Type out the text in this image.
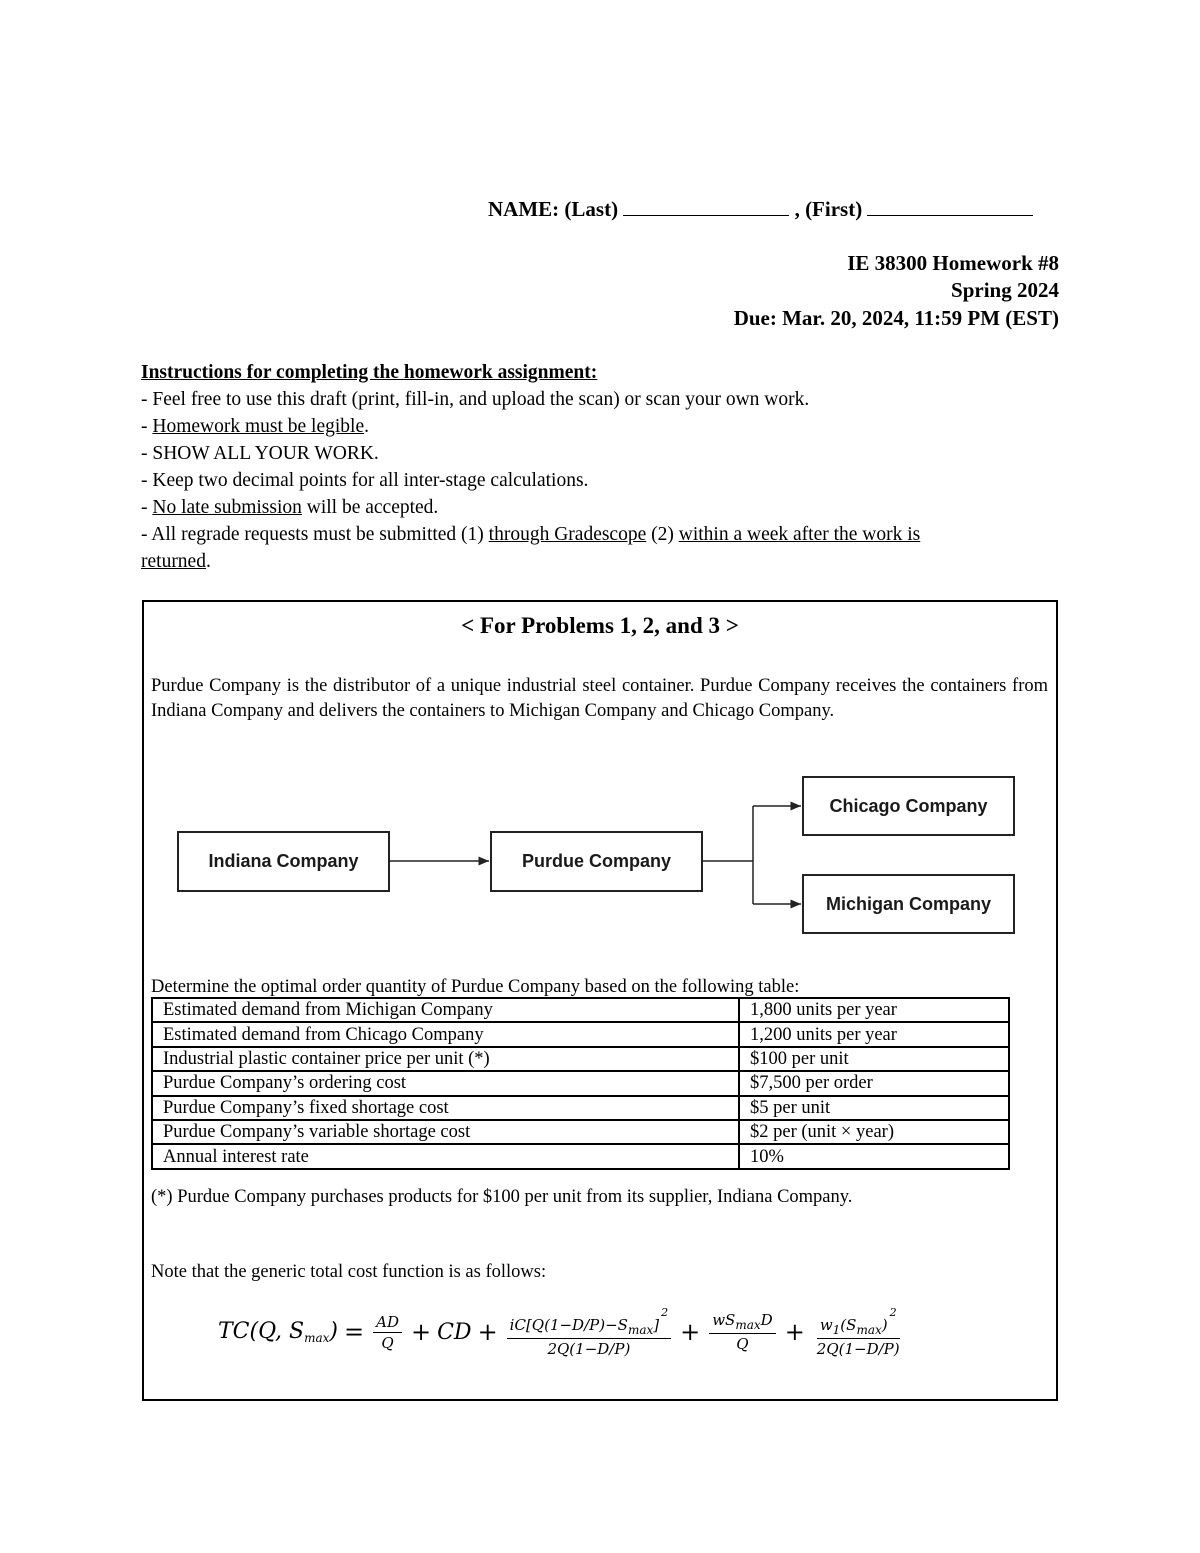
NAME: (Last)	, (First)
IE 38300 Homework #8
Spring 2024
Due: Mar. 20, 2024, 11:59 PM (EST)
Instructions for completing the homework assignment:
- Feel free to use this draft (print, fill-in, and upload the scan) or scan your own work.
- Homework must be legible.
- SHOW ALL YOUR WORK.
- Keep two decimal points for all inter-stage calculations.
- No late submission will be accepted.
- All regrade requests must be submitted (1) through Gradescope (2) within a week after the work is
returned.
< For Problems 1, 2, and 3 >
Purdue Company is the distributor of a unique industrial steel container. Purdue Company receives the containers from Indiana Company and delivers the containers to Michigan Company and Chicago Company.
Indiana Company	Purdue Company
Chicago Company
Michigan Company
Determine the optimal order quantity of Purdue Company based on the following table:
Estimated demand from Michigan Company	1,800 units per year
Estimated demand from Chicago Company	1,200 units per year
Industrial plastic container price per unit (*)	$100 per unit
Purdue Company’s ordering cost	$7,500 per order
Purdue Company’s fixed shortage cost	$5 per unit
Purdue Company’s variable shortage cost	$2 per (unit × year)
Annual interest rate	10%
(*) Purdue Company purchases products for $100 per unit from its supplier, Indiana Company.
Note that the generic total cost function is as follows:
TC(Q, $S_{max}) = \frac{AD}{Q}$ + CD + $\frac{iC[Q(1-D/P)-S_{max}]^2}{2Q(1-D/P)} + \frac{wS_{max}D}{Q} + \frac{w_1(S_{max})^2}{2Q(1-D/P)}$
